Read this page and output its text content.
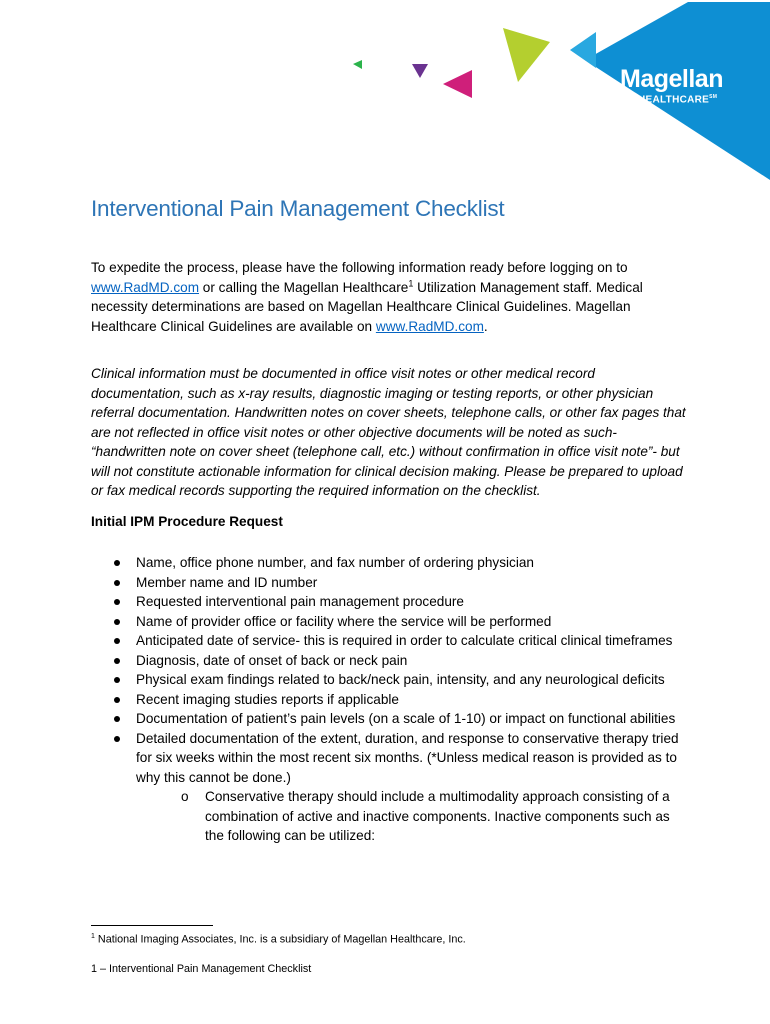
Magellan
HEALTHCARE℠
Interventional Pain Management Checklist

To expedite the process, please have the following information ready before logging on to www.RadMD.com or calling the Magellan Healthcare$^1$ Utilization Management staff. Medical necessity determinations are based on Magellan Healthcare Clinical Guidelines. Magellan Healthcare Clinical Guidelines are available on www.RadMD.com.

Clinical information must be documented in office visit notes or other medical record documentation, such as x-ray results, diagnostic imaging or testing reports, or other physician referral documentation. Handwritten notes on cover sheets, telephone calls, or other fax pages that are not reflected in office visit notes or other objective documents will be noted as such- “handwritten note on cover sheet (telephone call, etc.) without confirmation in office visit note”- but will not constitute actionable information for clinical decision making. Please be prepared to upload or fax medical records supporting the required information on the checklist.

Initial IPM Procedure Request
Name, office phone number, and fax number of ordering physician
Member name and ID number
Requested interventional pain management procedure
Name of provider office or facility where the service will be performed
Anticipated date of service- this is required in order to calculate critical clinical timeframes
Diagnosis, date of onset of back or neck pain
Physical exam findings related to back/neck pain, intensity, and any neurological deficits
Recent imaging studies reports if applicable
Documentation of patient’s pain levels (on a scale of 1-10) or impact on functional abilities
Detailed documentation of the extent, duration, and response to conservative therapy tried for six weeks within the most recent six months. (*Unless medical reason is provided as to why this cannot be done.)
o Conservative therapy should include a multimodality approach consisting of a combination of active and inactive components. Inactive components such as the following can be utilized:

$^1$ National Imaging Associates, Inc. is a subsidiary of Magellan Healthcare, Inc.

1 – Interventional Pain Management Checklist
